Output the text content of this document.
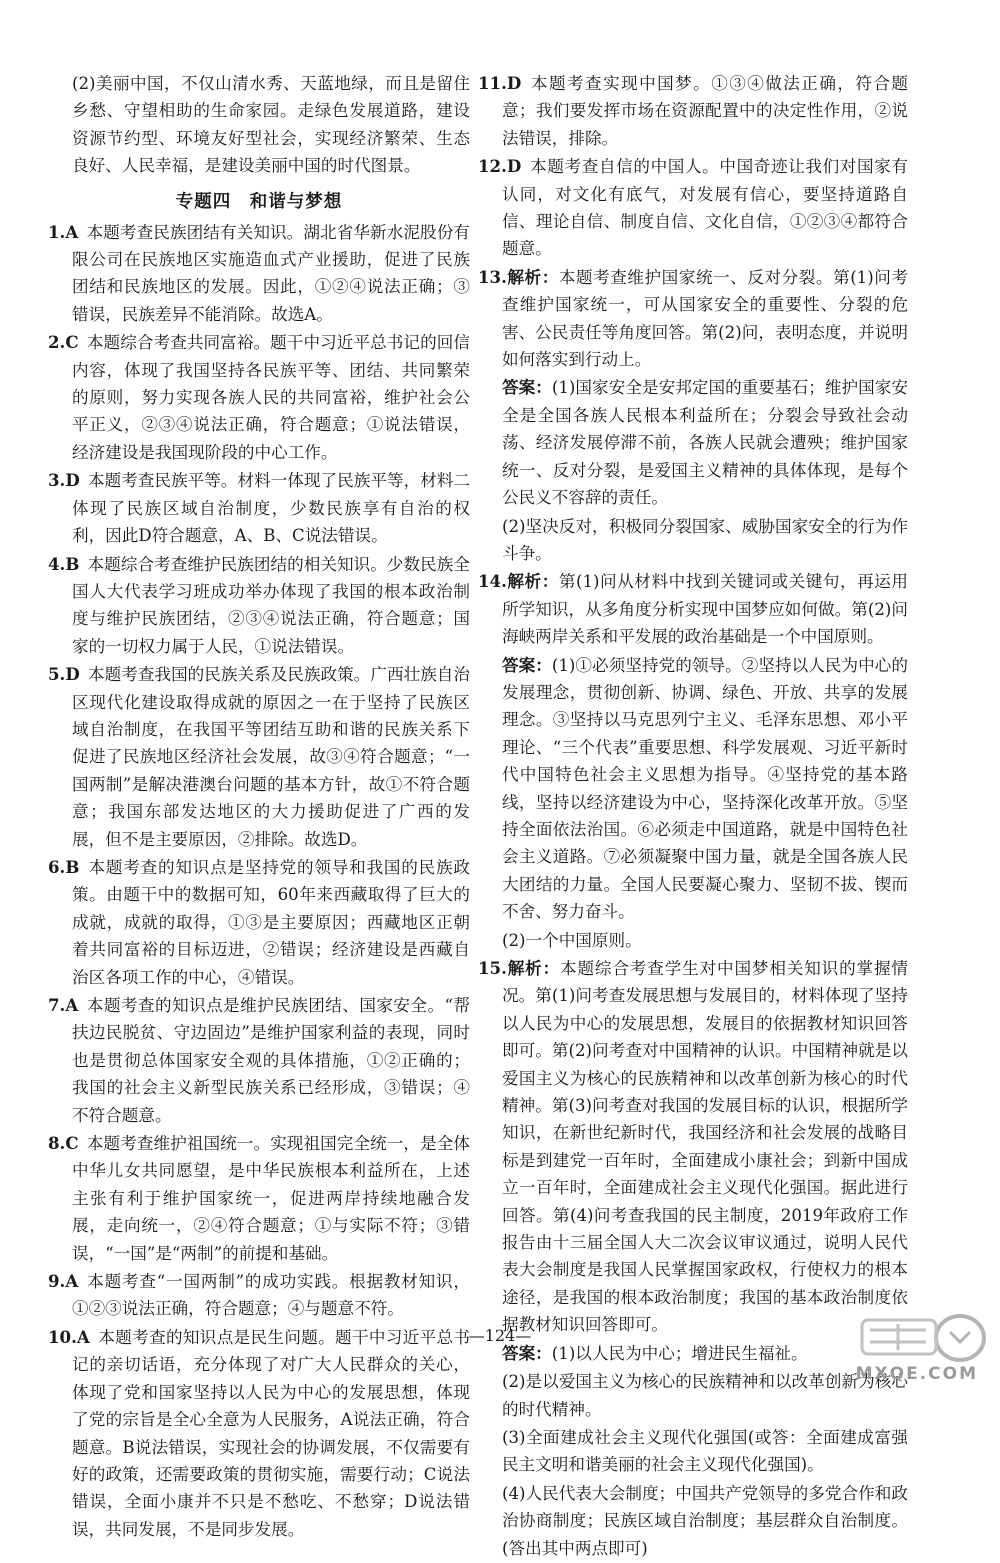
(2)美丽中国，不仅山清水秀、天蓝地绿，而且是留住乡愁、守望相助的生命家园。走绿色发展道路，建设资源节约型、环境友好型社会，实现经济繁荣、生态良好、人民幸福，是建设美丽中国的时代图景。

专题四　和谐与梦想

1.A  本题考查民族团结有关知识。湖北省华新水泥股份有限公司在民族地区实施造血式产业援助，促进了民族团结和民族地区的发展。因此，①②④说法正确；③错误，民族差异不能消除。故选A。

2.C  本题综合考查共同富裕。题干中习近平总书记的回信内容，体现了我国坚持各民族平等、团结、共同繁荣的原则，努力实现各族人民的共同富裕，维护社会公平正义，②③④说法正确，符合题意；①说法错误，经济建设是我国现阶段的中心工作。

3.D  本题考查民族平等。材料一体现了民族平等，材料二体现了民族区域自治制度，少数民族享有自治的权利，因此D符合题意，A、B、C说法错误。

4.B  本题综合考查维护民族团结的相关知识。少数民族全国人大代表学习班成功举办体现了我国的根本政治制度与维护民族团结，②③④说法正确，符合题意；国家的一切权力属于人民，①说法错误。

5.D  本题考查我国的民族关系及民族政策。广西壮族自治区现代化建设取得成就的原因之一在于坚持了民族区域自治制度，在我国平等团结互助和谐的民族关系下促进了民族地区经济社会发展，故③④符合题意；“一国两制”是解决港澳台问题的基本方针，故①不符合题意；我国东部发达地区的大力援助促进了广西的发展，但不是主要原因，②排除。故选D。

6.B  本题考查的知识点是坚持党的领导和我国的民族政策。由题干中的数据可知，60年来西藏取得了巨大的成就，成就的取得，①③是主要原因；西藏地区正朝着共同富裕的目标迈进，②错误；经济建设是西藏自治区各项工作的中心，④错误。

7.A  本题考查的知识点是维护民族团结、国家安全。“帮扶边民脱贫、守边固边”是维护国家利益的表现，同时也是贯彻总体国家安全观的具体措施，①②正确的；我国的社会主义新型民族关系已经形成，③错误；④不符合题意。

8.C  本题考查维护祖国统一。实现祖国完全统一，是全体中华儿女共同愿望，是中华民族根本利益所在，上述主张有利于维护国家统一，促进两岸持续地融合发展，走向统一，②④符合题意；①与实际不符；③错误，“一国”是“两制”的前提和基础。

9.A  本题考查“一国两制”的成功实践。根据教材知识，①②③说法正确，符合题意；④与题意不符。

10.A  本题考查的知识点是民生问题。题干中习近平总书记的亲切话语，充分体现了对广大人民群众的关心，体现了党和国家坚持以人民为中心的发展思想，体现了党的宗旨是全心全意为人民服务，A说法正确，符合题意。B说法错误，实现社会的协调发展，不仅需要有好的政策，还需要政策的贯彻实施，需要行动；C说法错误，全面小康并不只是不愁吃、不愁穿；D说法错误，共同发展，不是同步发展。

11.D  本题考查实现中国梦。①③④做法正确，符合题意；我们要发挥市场在资源配置中的决定性作用，②说法错误，排除。

12.D  本题考查自信的中国人。中国奇迹让我们对国家有认同，对文化有底气，对发展有信心，要坚持道路自信、理论自信、制度自信、文化自信，①②③④都符合题意。

13.解析：本题考查维护国家统一、反对分裂。第(1)问考查维护国家统一，可从国家安全的重要性、分裂的危害、公民责任等角度回答。第(2)问，表明态度，并说明如何落实到行动上。

答案：(1)国家安全是安邦定国的重要基石；维护国家安全是全国各族人民根本利益所在；分裂会导致社会动荡、经济发展停滞不前，各族人民就会遭殃；维护国家统一、反对分裂，是爱国主义精神的具体体现，是每个公民义不容辞的责任。

(2)坚决反对，积极同分裂国家、威胁国家安全的行为作斗争。

14.解析：第(1)问从材料中找到关键词或关键句，再运用所学知识，从多角度分析实现中国梦应如何做。第(2)问海峡两岸关系和平发展的政治基础是一个中国原则。

答案：(1)①必须坚持党的领导。②坚持以人民为中心的发展理念，贯彻创新、协调、绿色、开放、共享的发展理念。③坚持以马克思列宁主义、毛泽东思想、邓小平理论、“三个代表”重要思想、科学发展观、习近平新时代中国特色社会主义思想为指导。④坚持党的基本路线，坚持以经济建设为中心，坚持深化改革开放。⑤坚持全面依法治国。⑥必须走中国道路，就是中国特色社会主义道路。⑦必须凝聚中国力量，就是全国各族人民大团结的力量。全国人民要凝心聚力、坚韧不拔、锲而不舍、努力奋斗。

(2)一个中国原则。

15.解析：本题综合考查学生对中国梦相关知识的掌握情况。第(1)问考查发展思想与发展目的，材料体现了坚持以人民为中心的发展思想，发展目的依据教材知识回答即可。第(2)问考查对中国精神的认识。中国精神就是以爱国主义为核心的民族精神和以改革创新为核心的时代精神。第(3)问考查对我国的发展目标的认识，根据所学知识，在新世纪新时代，我国经济和社会发展的战略目标是到建党一百年时，全面建成小康社会；到新中国成立一百年时，全面建成社会主义现代化强国。据此进行回答。第(4)问考查我国的民主制度，2019年政府工作报告由十三届全国人大二次会议审议通过，说明人民代表大会制度是我国人民掌握国家政权，行使权力的根本途径，是我国的根本政治制度；我国的基本政治制度依据教材知识回答即可。

答案：(1)以人民为中心；增进民生福祉。

(2)是以爱国主义为核心的民族精神和以改革创新为核心的时代精神。

(3)全面建成社会主义现代化强国(或答：全面建成富强民主文明和谐美丽的社会主义现代化强国)。

(4)人民代表大会制度；中国共产党领导的多党合作和政治协商制度；民族区域自治制度；基层群众自治制度。(答出其中两点即可)

—124—
MXQE.COM
